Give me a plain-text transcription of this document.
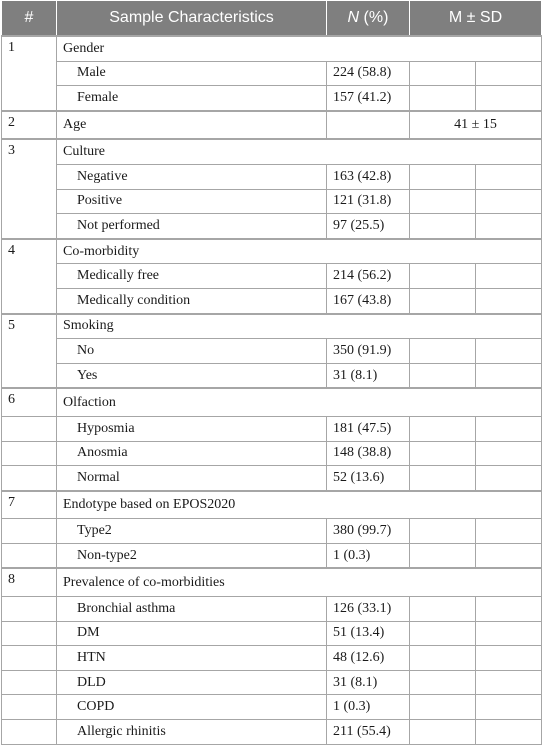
#	Sample Characteristics	N (%)	M ± SD	
1	Gender			
	Male	224 (58.8)		
	Female	157 (41.2)		
2	Age		41 ± 15	
3	Culture			
	Negative	163 (42.8)		
	Positive	121 (31.8)		
	Not performed	97 (25.5)		
4	Co-morbidity			
	Medically free	214 (56.2)		
	Medically condition	167 (43.8)		
5	Smoking			
	No	350 (91.9)		
	Yes	31 (8.1)		
6	Olfaction			
	Hyposmia	181 (47.5)		
	Anosmia	148 (38.8)		
	Normal	52 (13.6)		
7	Endotype based on EPOS2020			
	Type2	380 (99.7)		
	Non-type2	1 (0.3)		
8	Prevalence of co-morbidities			
	Bronchial asthma	126 (33.1)		
	DM	51 (13.4)		
	HTN	48 (12.6)		
	DLD	31 (8.1)		
	COPD	1 (0.3)		
	Allergic rhinitis	211 (55.4)		
